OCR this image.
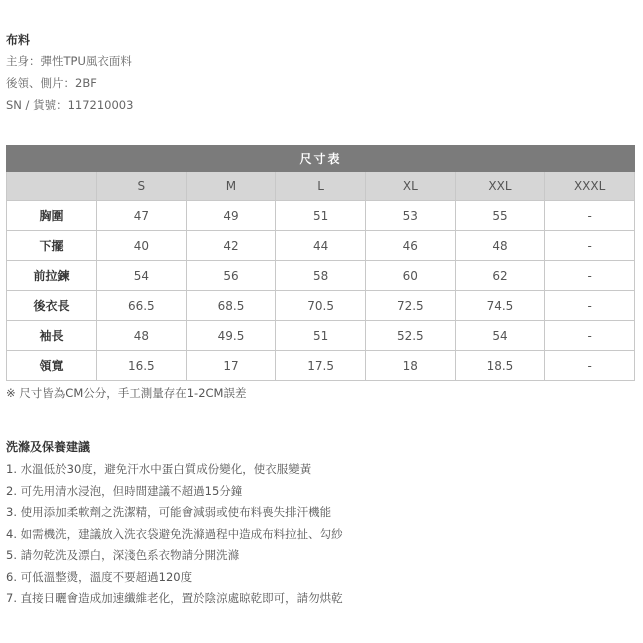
布料
主身：彈性TPU風衣面料
後領、側片：2BF
SN / 貨號：117210003
尺寸表						
	S	M	L	XL	XXL	XXXL
胸圍	47	49	51	53	55	-
下擺	40	42	44	46	48	-
前拉鍊	54	56	58	60	62	-
後衣長	66.5	68.5	70.5	72.5	74.5	-
袖長	48	49.5	51	52.5	54	-
領寬	16.5	17	17.5	18	18.5	-
※ 尺寸皆為CM公分，手工測量存在1-2CM誤差
洗滌及保養建議
1. 水溫低於30度，避免汗水中蛋白質成份變化，使衣服變黃
2. 可先用清水浸泡，但時間建議不超過15分鐘
3. 使用添加柔軟劑之洗潔精，可能會減弱或使布料喪失排汗機能
4. 如需機洗，建議放入洗衣袋避免洗滌過程中造成布料拉扯、勾紗
5. 請勿乾洗及漂白，深淺色系衣物請分開洗滌
6. 可低溫整燙，溫度不要超過120度
7. 直接日曬會造成加速纖維老化，置於陰涼處晾乾即可，請勿烘乾
